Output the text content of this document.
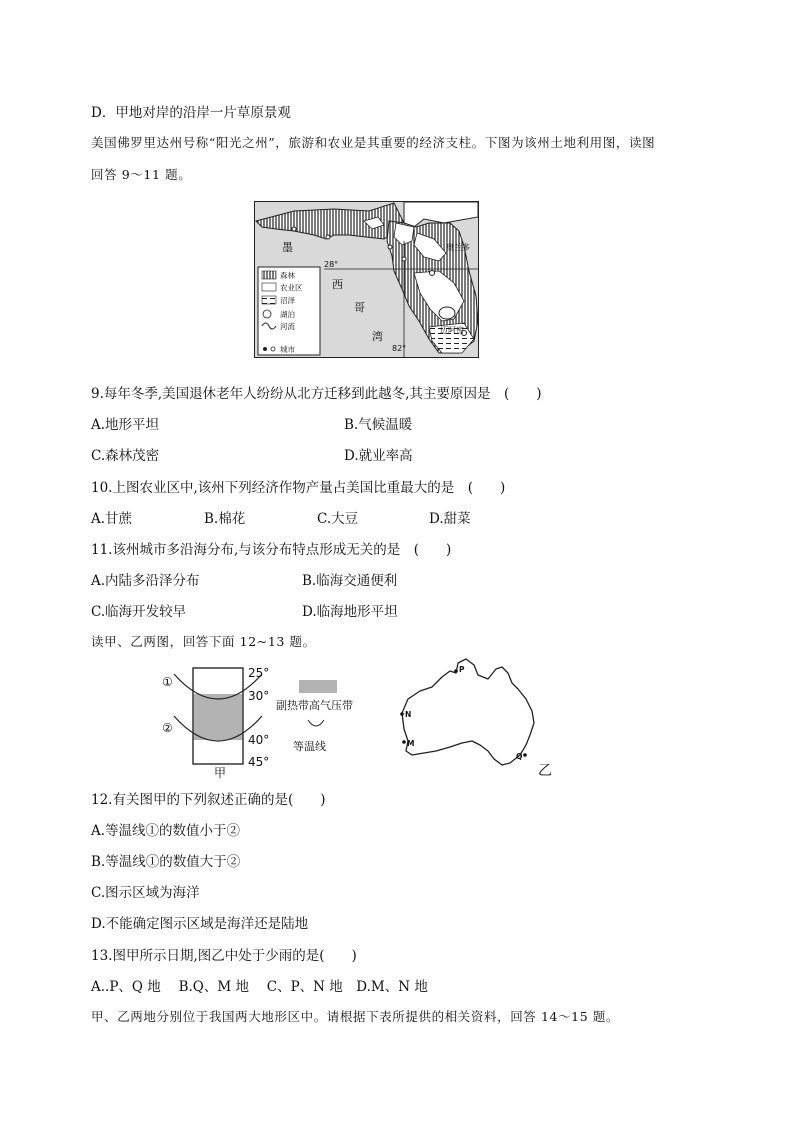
D．甲地对岸的沿岸一片草原景观
美国佛罗里达州号称“阳光之州”，旅游和农业是其重要的经济支柱。下图为该州土地利用图，读图
回答 9～11 题。
森林
农业区
沼泽
湖泊
河流
城市
墨
西
哥
湾
奥兰多
迈阿密
28°
82°
9.每年冬季,美国退休老年人纷纷从北方迁移到此越冬,其主要原因是　(　　)
A.地形平坦	B.气候温暖
C.森林茂密	D.就业率高
10.上图农业区中,该州下列经济作物产量占美国比重最大的是　(　　)
A.甘蔗	B.棉花	C.大豆	D.甜菜
11.该州城市多沿海分布,与该分布特点形成无关的是　(　　)
A.内陆多沿泽分布	B.临海交通便利
C.临海开发较早	D.临海地形平坦
读甲、乙两图，回答下面 12~13 题。
①
②
25°
30°
40°
45°
甲
副热带高气压带
等温线
P
N
M
Q
乙
12.有关图甲的下列叙述正确的是(　　)
A.等温线①的数值小于②
B.等温线①的数值大于②
C.图示区域为海洋
D.不能确定图示区域是海洋还是陆地
13.图甲所示日期,图乙中处于少雨的是(　　)
A..P、Q 地　 B.Q、M 地　 C、P、N 地　D.M、N 地
甲、乙两地分别位于我国两大地形区中。请根据下表所提供的相关资料，回答 14～15 题。
